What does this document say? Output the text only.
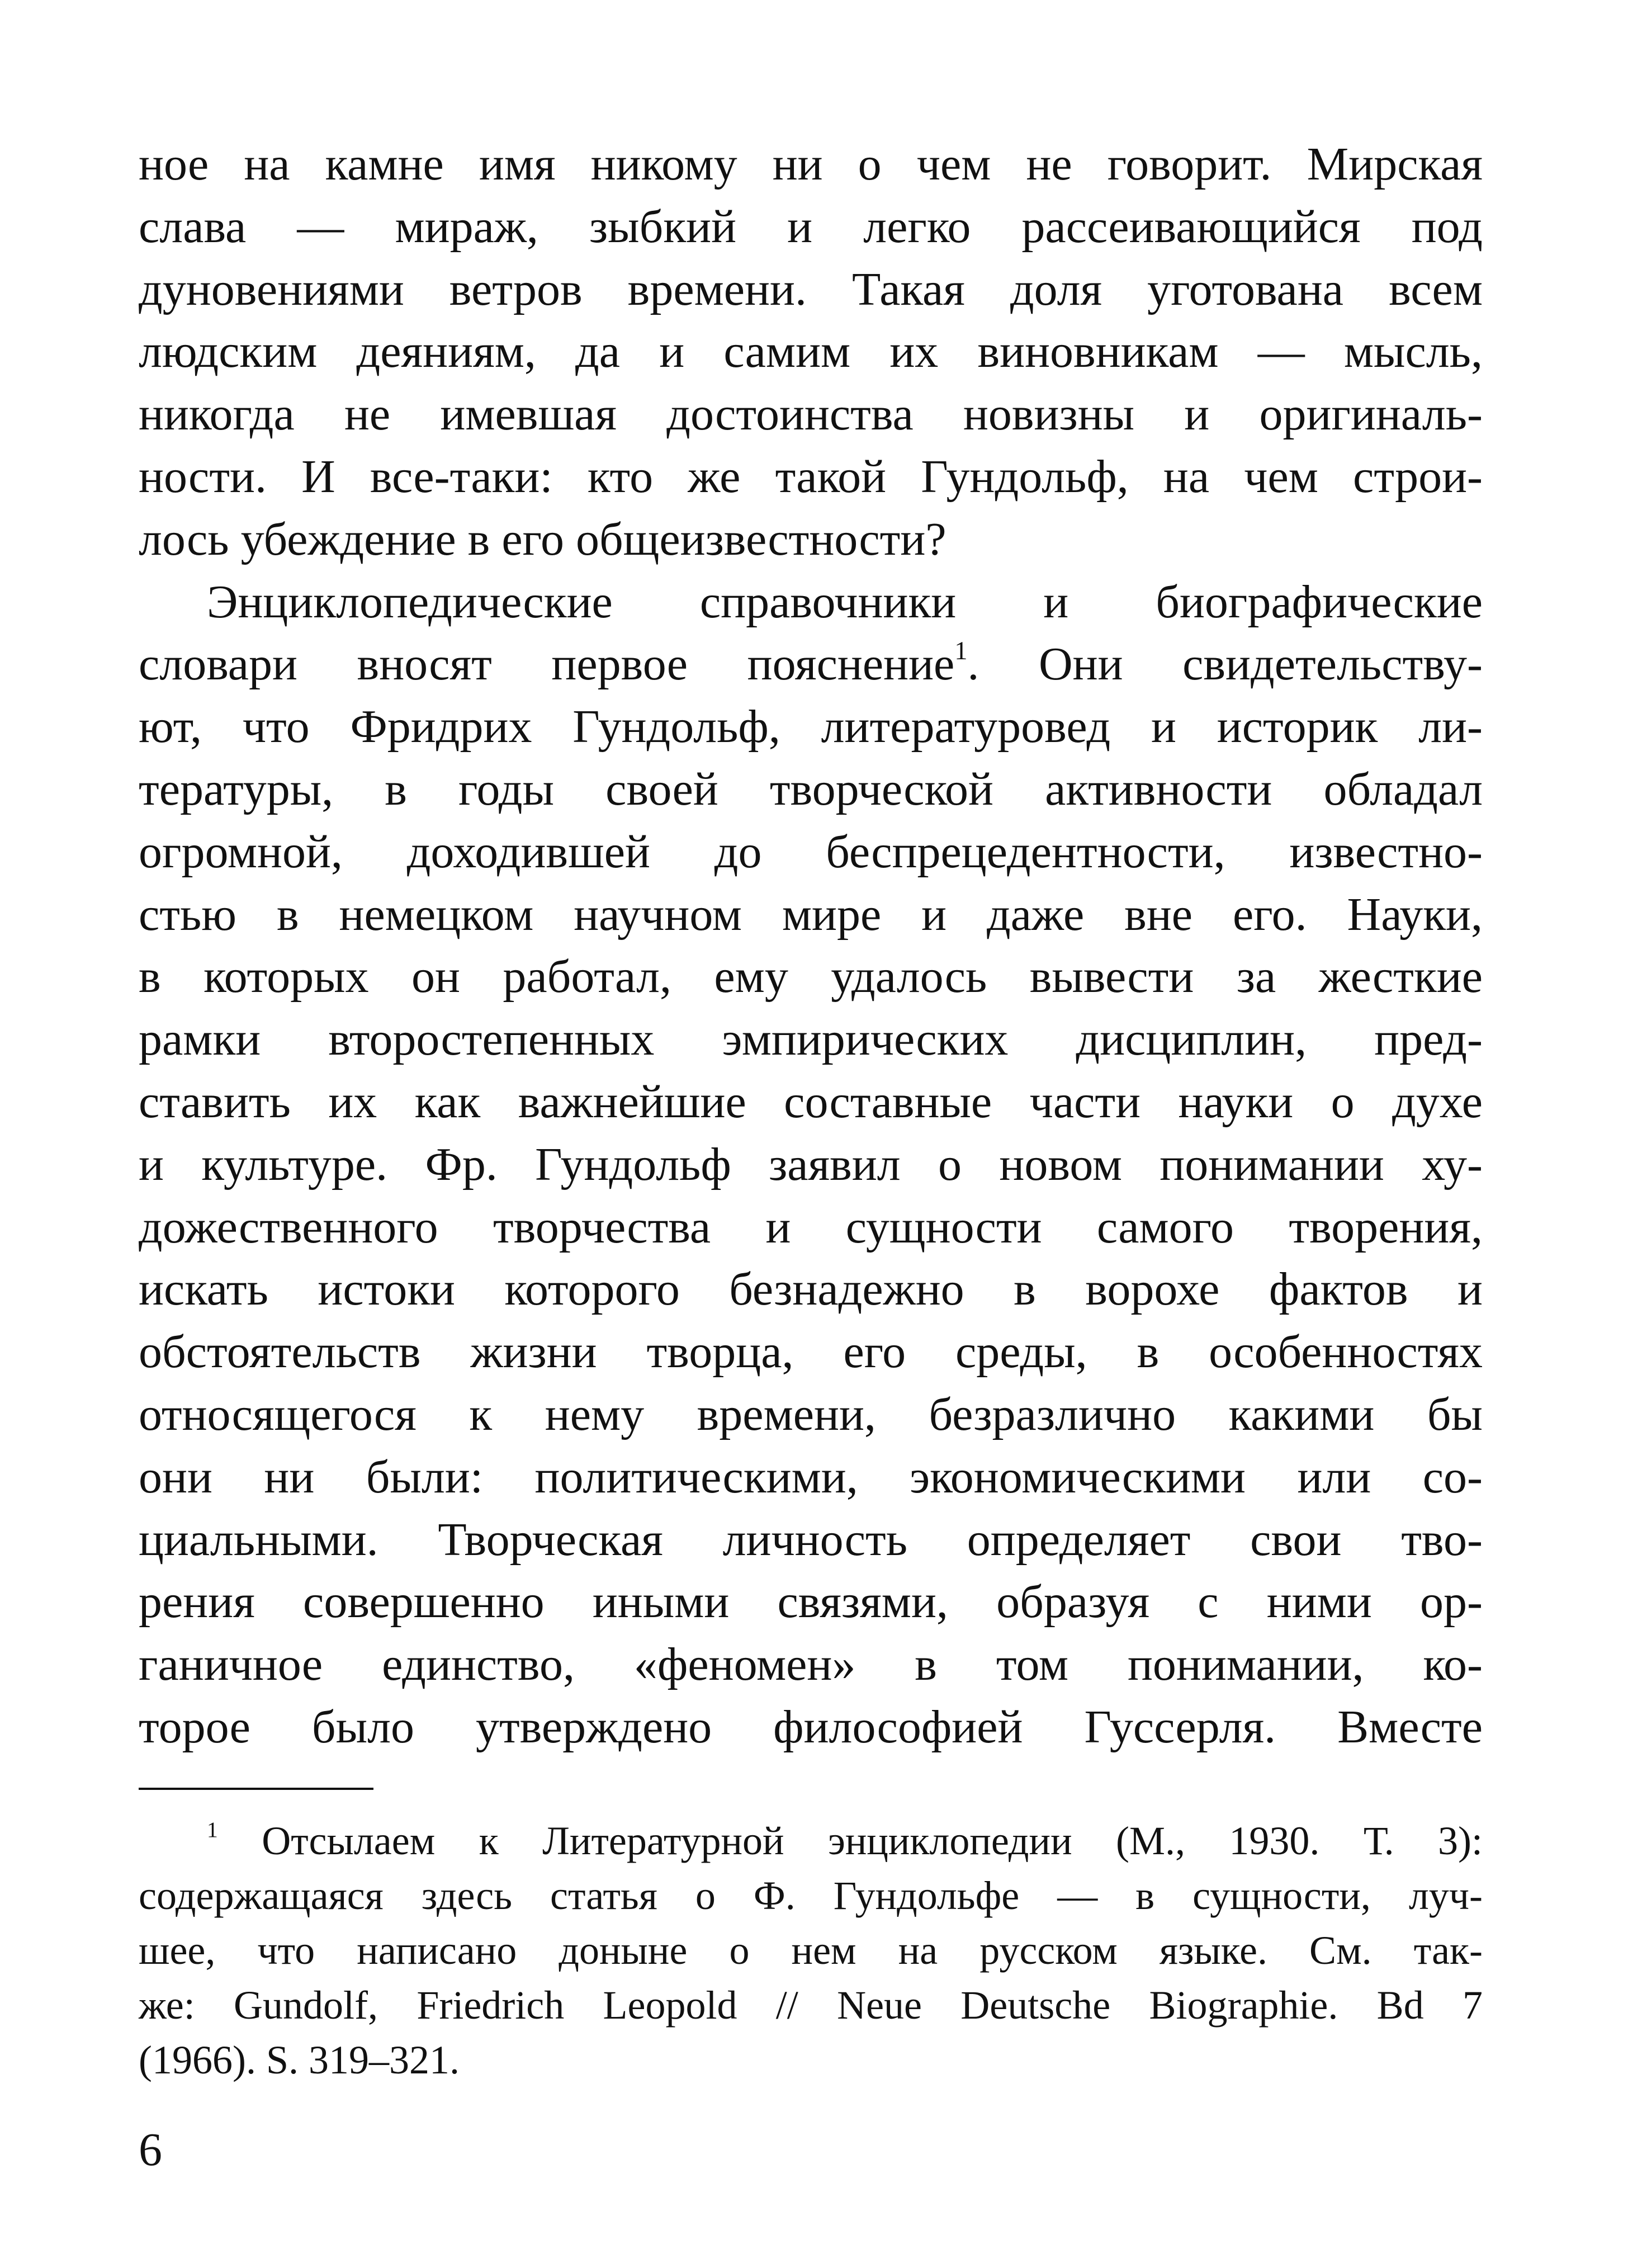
ное на камне имя никому ни о чем не говорит. Мирская
слава — мираж, зыбкий и легко рассеивающийся под
дуновениями ветров времени. Такая доля уготована всем
людским деяниям, да и самим их виновникам — мысль,
никогда не имевшая достоинства новизны и оригиналь-
ности. И все-таки: кто же такой Гундольф, на чем строи-
лось убеждение в его общеизвестности?
Энциклопедические справочники и биографические
словари вносят первое пояснение$^1$. Они свидетельству-
ют, что Фридрих Гундольф, литературовед и историк ли-
тературы, в годы своей творческой активности обладал
огромной, доходившей до беспрецедентности, известно-
стью в немецком научном мире и даже вне его. Науки,
в которых он работал, ему удалось вывести за жесткие
рамки второстепенных эмпирических дисциплин, пред-
ставить их как важнейшие составные части науки о духе
и культуре. Фр. Гундольф заявил о новом понимании ху-
дожественного творчества и сущности самого творения,
искать истоки которого безнадежно в ворохе фактов и
обстоятельств жизни творца, его среды, в особенностях
относящегося к нему времени, безразлично какими бы
они ни были: политическими, экономическими или со-
циальными. Творческая личность определяет свои тво-
рения совершенно иными связями, образуя с ними ор-
ганичное единство, «феномен» в том понимании, ко-
торое было утверждено философией Гуссерля. Вместе
$^1$ Отсылаем к Литературной энциклопедии (М., 1930. Т. 3):
содержащаяся здесь статья о Ф. Гундольфе — в сущности, луч-
шее, что написано доныне о нем на русском языке. См. так-
же: Gundolf, Friedrich Leopold // Neue Deutsche Biographie. Bd 7
(1966). S. 319–321.
6
